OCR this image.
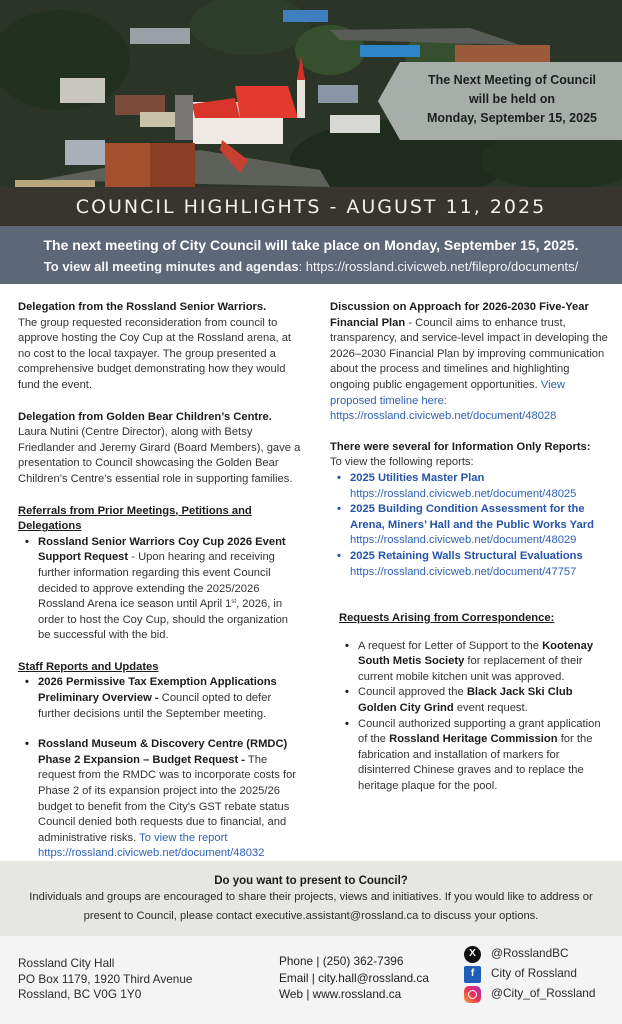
The Next Meeting of Council
will be held on
Monday, September 15, 2025
COUNCIL HIGHLIGHTS - AUGUST 11, 2025
The next meeting of City Council will take place on Monday, September 15, 2025.
To view all meeting minutes and agendas: https://rossland.civicweb.net/filepro/documents/

Delegation from the Rossland Senior Warriors.

The group requested reconsideration from council to approve hosting the Coy Cup at the Rossland arena, at no cost to the local taxpayer. The group presented a comprehensive budget demonstrating how they would fund the event.

Delegation from Golden Bear Children’s Centre.

Laura Nutini (Centre Director), along with Betsy Friedlander and Jeremy Girard (Board Members), gave a presentation to Council showcasing the Golden Bear Children’s Centre’s essential role in supporting families.

Referrals from Prior Meetings, Petitions and Delegations

• Rossland Senior Warriors Coy Cup 2026 Event Support Request - Upon hearing and receiving further information regarding this event Council decided to approve extending the 2025/2026 Rossland Arena ice season until April 1st, 2026, in order to host the Coy Cup, should the organization be successful with the bid.

Staff Reports and Updates

• 2026 Permissive Tax Exemption Applications Preliminary Overview - Council opted to defer further decisions until the September meeting.
• Rossland Museum & Discovery Centre (RMDC) Phase 2 Expansion – Budget Request - The request from the RMDC was to incorporate costs for Phase 2 of its expansion project into the 2025/26 budget to benefit from the City's GST rebate status Council denied both requests due to financial, and administrative risks. To view the report
https://rossland.civicweb.net/document/48032

Discussion on Approach for 2026-2030 Five-Year Financial Plan - Council aims to enhance trust, transparency, and service-level impact in developing the 2026–2030 Financial Plan by improving communication about the process and timelines and highlighting ongoing public engagement opportunities. View proposed timeline here: https://rossland.civicweb.net/document/48028

There were several for Information Only Reports:

To view the following reports:

• 2025 Utilities Master Plan
https://rossland.civicweb.net/document/48025
• 2025 Building Condition Assessment for the Arena, Miners’ Hall and the Public Works Yard
https://rossland.civicweb.net/document/48029
• 2025 Retaining Walls Structural Evaluations
https://rossland.civicweb.net/document/47757

Requests Arising from Correspondence:

• A request for Letter of Support to the Kootenay South Metis Society for replacement of their current mobile kitchen unit was approved.
• Council approved the Black Jack Ski Club Golden City Grind event request.
• Council authorized supporting a grant application of the Rossland Heritage Commission for the fabrication and installation of markers for disinterred Chinese graves and to replace the heritage plaque for the pool.
Do you want to present to Council?
Individuals and groups are encouraged to share their projects, views and initiatives. If you would like to address or present to Council, please contact executive.assistant@rossland.ca to discuss your options.
Rossland City Hall
PO Box 1179, 1920 Third Avenue
Rossland, BC V0G 1Y0
Phone | (250) 362-7396
Email | city.hall@rossland.ca
Web | www.rossland.ca
X	@RosslandBC
f	City of Rossland
@City_of_Rossland
